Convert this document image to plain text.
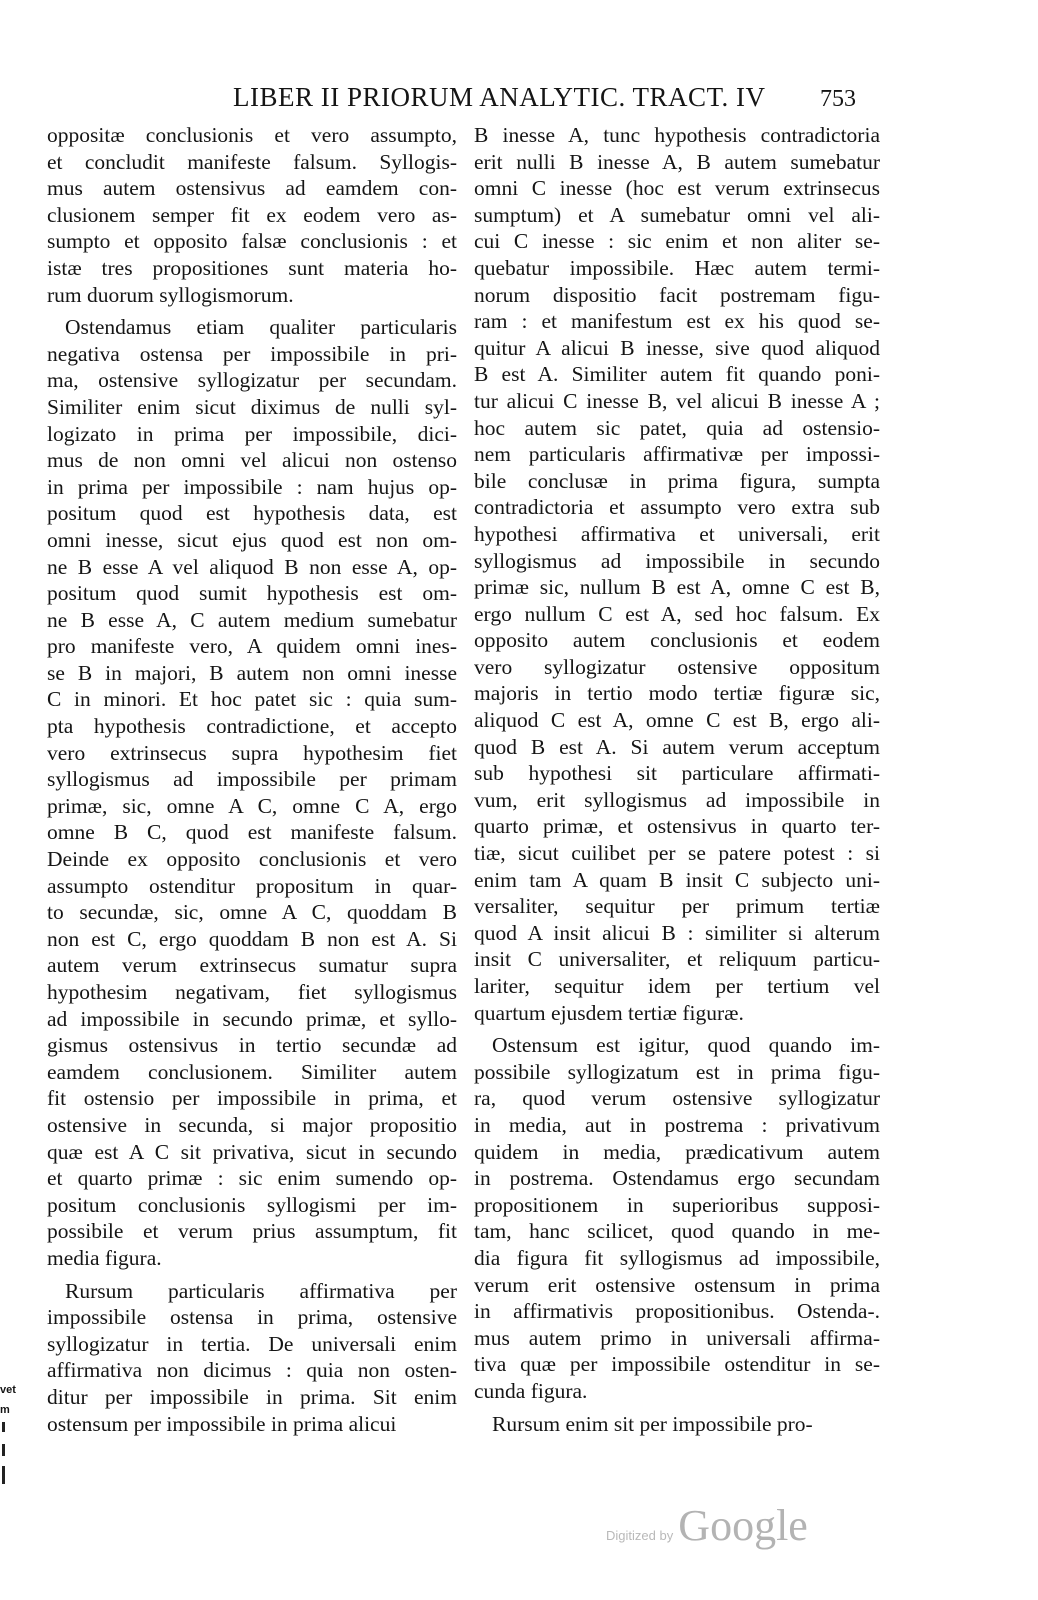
LIBER II PRIORUM ANALYTIC. TRACT. IV 753
oppositæ conclusionis et vero assumpto,
et concludit manifeste falsum. Syllogis-
mus autem ostensivus ad eamdem con-
clusionem semper fit ex eodem vero as-
sumpto et opposito falsæ conclusionis : et
istæ tres propositiones sunt materia ho-
rum duorum syllogismorum.
Ostendamus etiam qualiter particularis
negativa ostensa per impossibile in pri-
ma, ostensive syllogizatur per secundam.
Similiter enim sicut diximus de nulli syl-
logizato in prima per impossibile, dici-
mus de non omni vel alicui non ostenso
in prima per impossibile : nam hujus op-
positum quod est hypothesis data, est
omni inesse, sicut ejus quod est non om-
ne B esse A vel aliquod B non esse A, op-
positum quod sumit hypothesis est om-
ne B esse A, C autem medium sumebatur
pro manifeste vero, A quidem omni ines-
se B in majori, B autem non omni inesse
C in minori. Et hoc patet sic : quia sum-
pta hypothesis contradictione, et accepto
vero extrinsecus supra hypothesim fiet
syllogismus ad impossibile per primam
primæ, sic, omne A C, omne C A, ergo
omne B C, quod est manifeste falsum.
Deinde ex opposito conclusionis et vero
assumpto ostenditur propositum in quar-
to secundæ, sic, omne A C, quoddam B
non est C, ergo quoddam B non est A. Si
autem verum extrinsecus sumatur supra
hypothesim negativam, fiet syllogismus
ad impossibile in secundo primæ, et syllo-
gismus ostensivus in tertio secundæ ad
eamdem conclusionem. Similiter autem
fit ostensio per impossibile in prima, et
ostensive in secunda, si major propositio
quæ est A C sit privativa, sicut in secundo
et quarto primæ : sic enim sumendo op-
positum conclusionis syllogismi per im-
possibile et verum prius assumptum, fit
media figura.
Rursum particularis affirmativa per
impossibile ostensa in prima, ostensive
syllogizatur in tertia. De universali enim
affirmativa non dicimus : quia non osten-
ditur per impossibile in prima. Sit enim
ostensum per impossibile in prima alicui
B inesse A, tunc hypothesis contradictoria
erit nulli B inesse A, B autem sumebatur
omni C inesse (hoc est verum extrinsecus
sumptum) et A sumebatur omni vel ali-
cui C inesse : sic enim et non aliter se-
quebatur impossibile. Hæc autem termi-
norum dispositio facit postremam figu-
ram : et manifestum est ex his quod se-
quitur A alicui B inesse, sive quod aliquod
B est A. Similiter autem fit quando poni-
tur alicui C inesse B, vel alicui B inesse A ;
hoc autem sic patet, quia ad ostensio-
nem particularis affirmativæ per impossi-
bile conclusæ in prima figura, sumpta
contradictoria et assumpto vero extra sub
hypothesi affirmativa et universali, erit
syllogismus ad impossibile in secundo
primæ sic, nullum B est A, omne C est B,
ergo nullum C est A, sed hoc falsum. Ex
opposito autem conclusionis et eodem
vero syllogizatur ostensive oppositum
majoris in tertio modo tertiæ figuræ sic,
aliquod C est A, omne C est B, ergo ali-
quod B est A. Si autem verum acceptum
sub hypothesi sit particulare affirmati-
vum, erit syllogismus ad impossibile in
quarto primæ, et ostensivus in quarto ter-
tiæ, sicut cuilibet per se patere potest : si
enim tam A quam B insit C subjecto uni-
versaliter, sequitur per primum tertiæ
quod A insit alicui B : similiter si alterum
insit C universaliter, et reliquum particu-
lariter, sequitur idem per tertium vel
quartum ejusdem tertiæ figuræ.
Ostensum est igitur, quod quando im-
possibile syllogizatum est in prima figu-
ra, quod verum ostensive syllogizatur
in media, aut in postrema : privativum
quidem in media, prædicativum autem
in postrema. Ostendamus ergo secundam
propositionem in superioribus supposi-
tam, hanc scilicet, quod quando in me-
dia figura fit syllogismus ad impossibile,
verum erit ostensive ostensum in prima
in affirmativis propositionibus. Ostenda-.
mus autem primo in universali affirma-
tiva quæ per impossibile ostenditur in se-
cunda figura.
Rursum enim sit per impossibile pro-
vet
m
Digitized by Google
